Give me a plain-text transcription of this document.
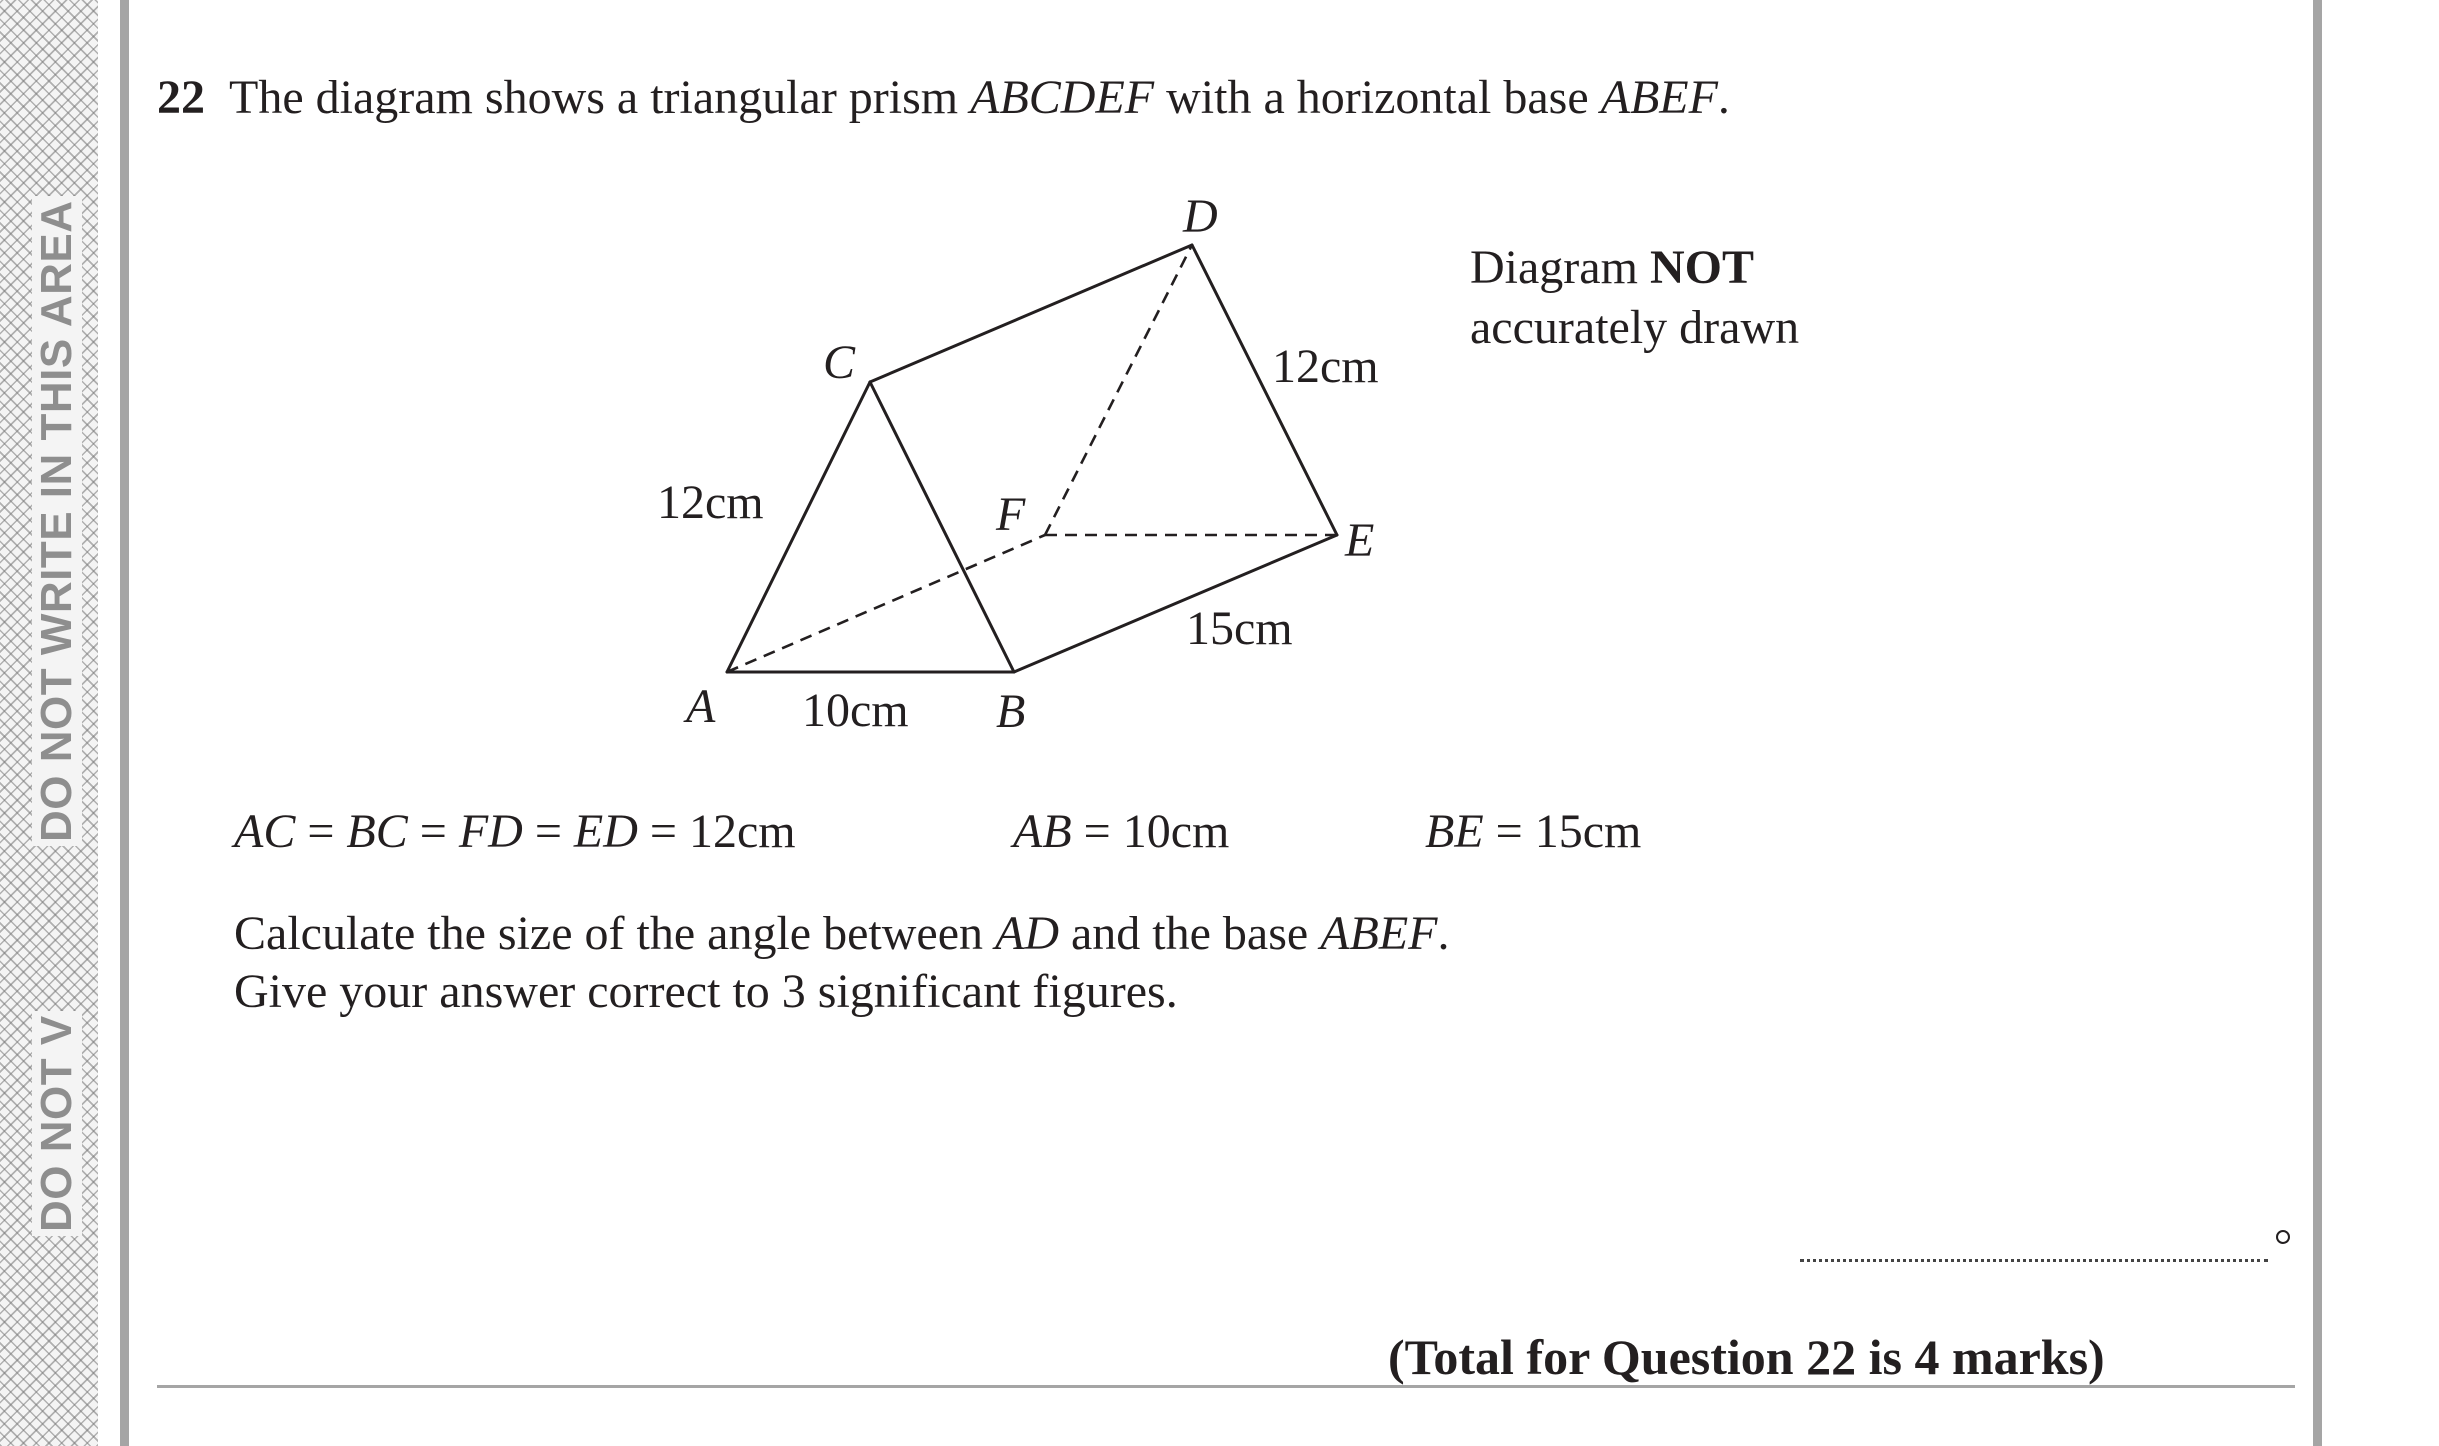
DO NOT WRITE IN THIS AREA
DO NOT V
22 The diagram shows a triangular prism ABCDEF with a horizontal base ABEF.
A	B
C
D
E
F
12cm
12cm
10cm
15cm
Diagram NOT
accurately drawn
AC = BC = FD = ED = 12cm	AB = 10cm	BE = 15cm
Calculate the size of the angle between AD and the base ABEF.
Give your answer correct to 3 significant figures.
(Total for Question 22 is 4 marks)
